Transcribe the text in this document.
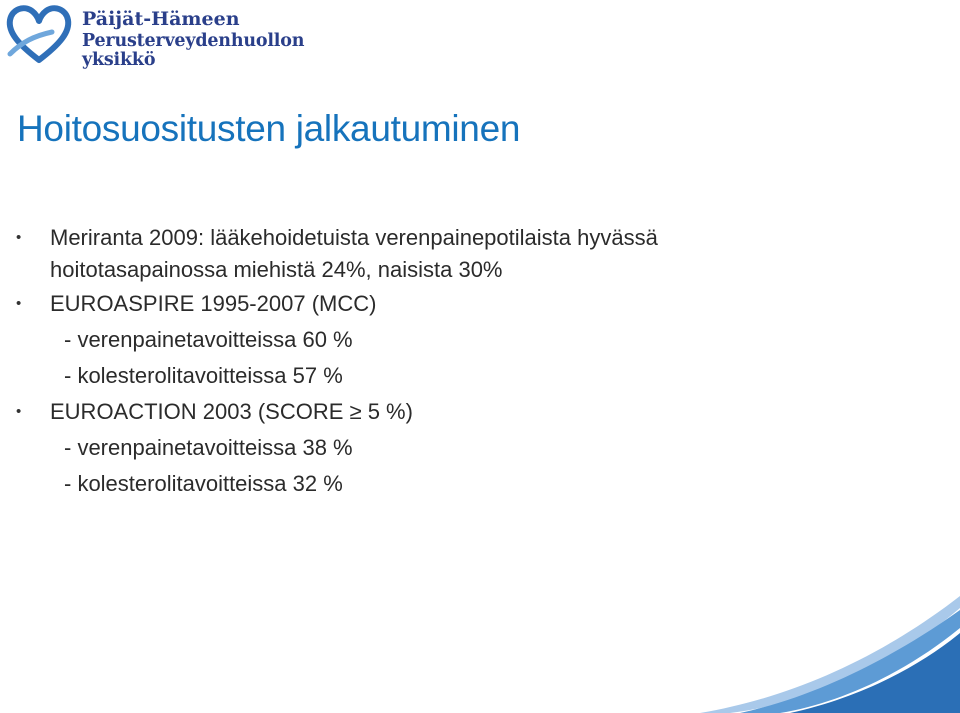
Päijät-Hämeen
Perusterveydenhuollon yksikkö
Hoitosuositusten jalkautuminen
• Meriranta 2009: lääkehoidetuista verenpainepotilaista hyvässä
hoitotasapainossa miehistä 24%, naisista 30%
• EUROASPIRE 1995-2007 (MCC)
- verenpainetavoitteissa 60 %
- kolesterolitavoitteissa 57 %
• EUROACTION 2003 (SCORE ≥ 5 %)
- verenpainetavoitteissa 38 %
- kolesterolitavoitteissa 32 %
